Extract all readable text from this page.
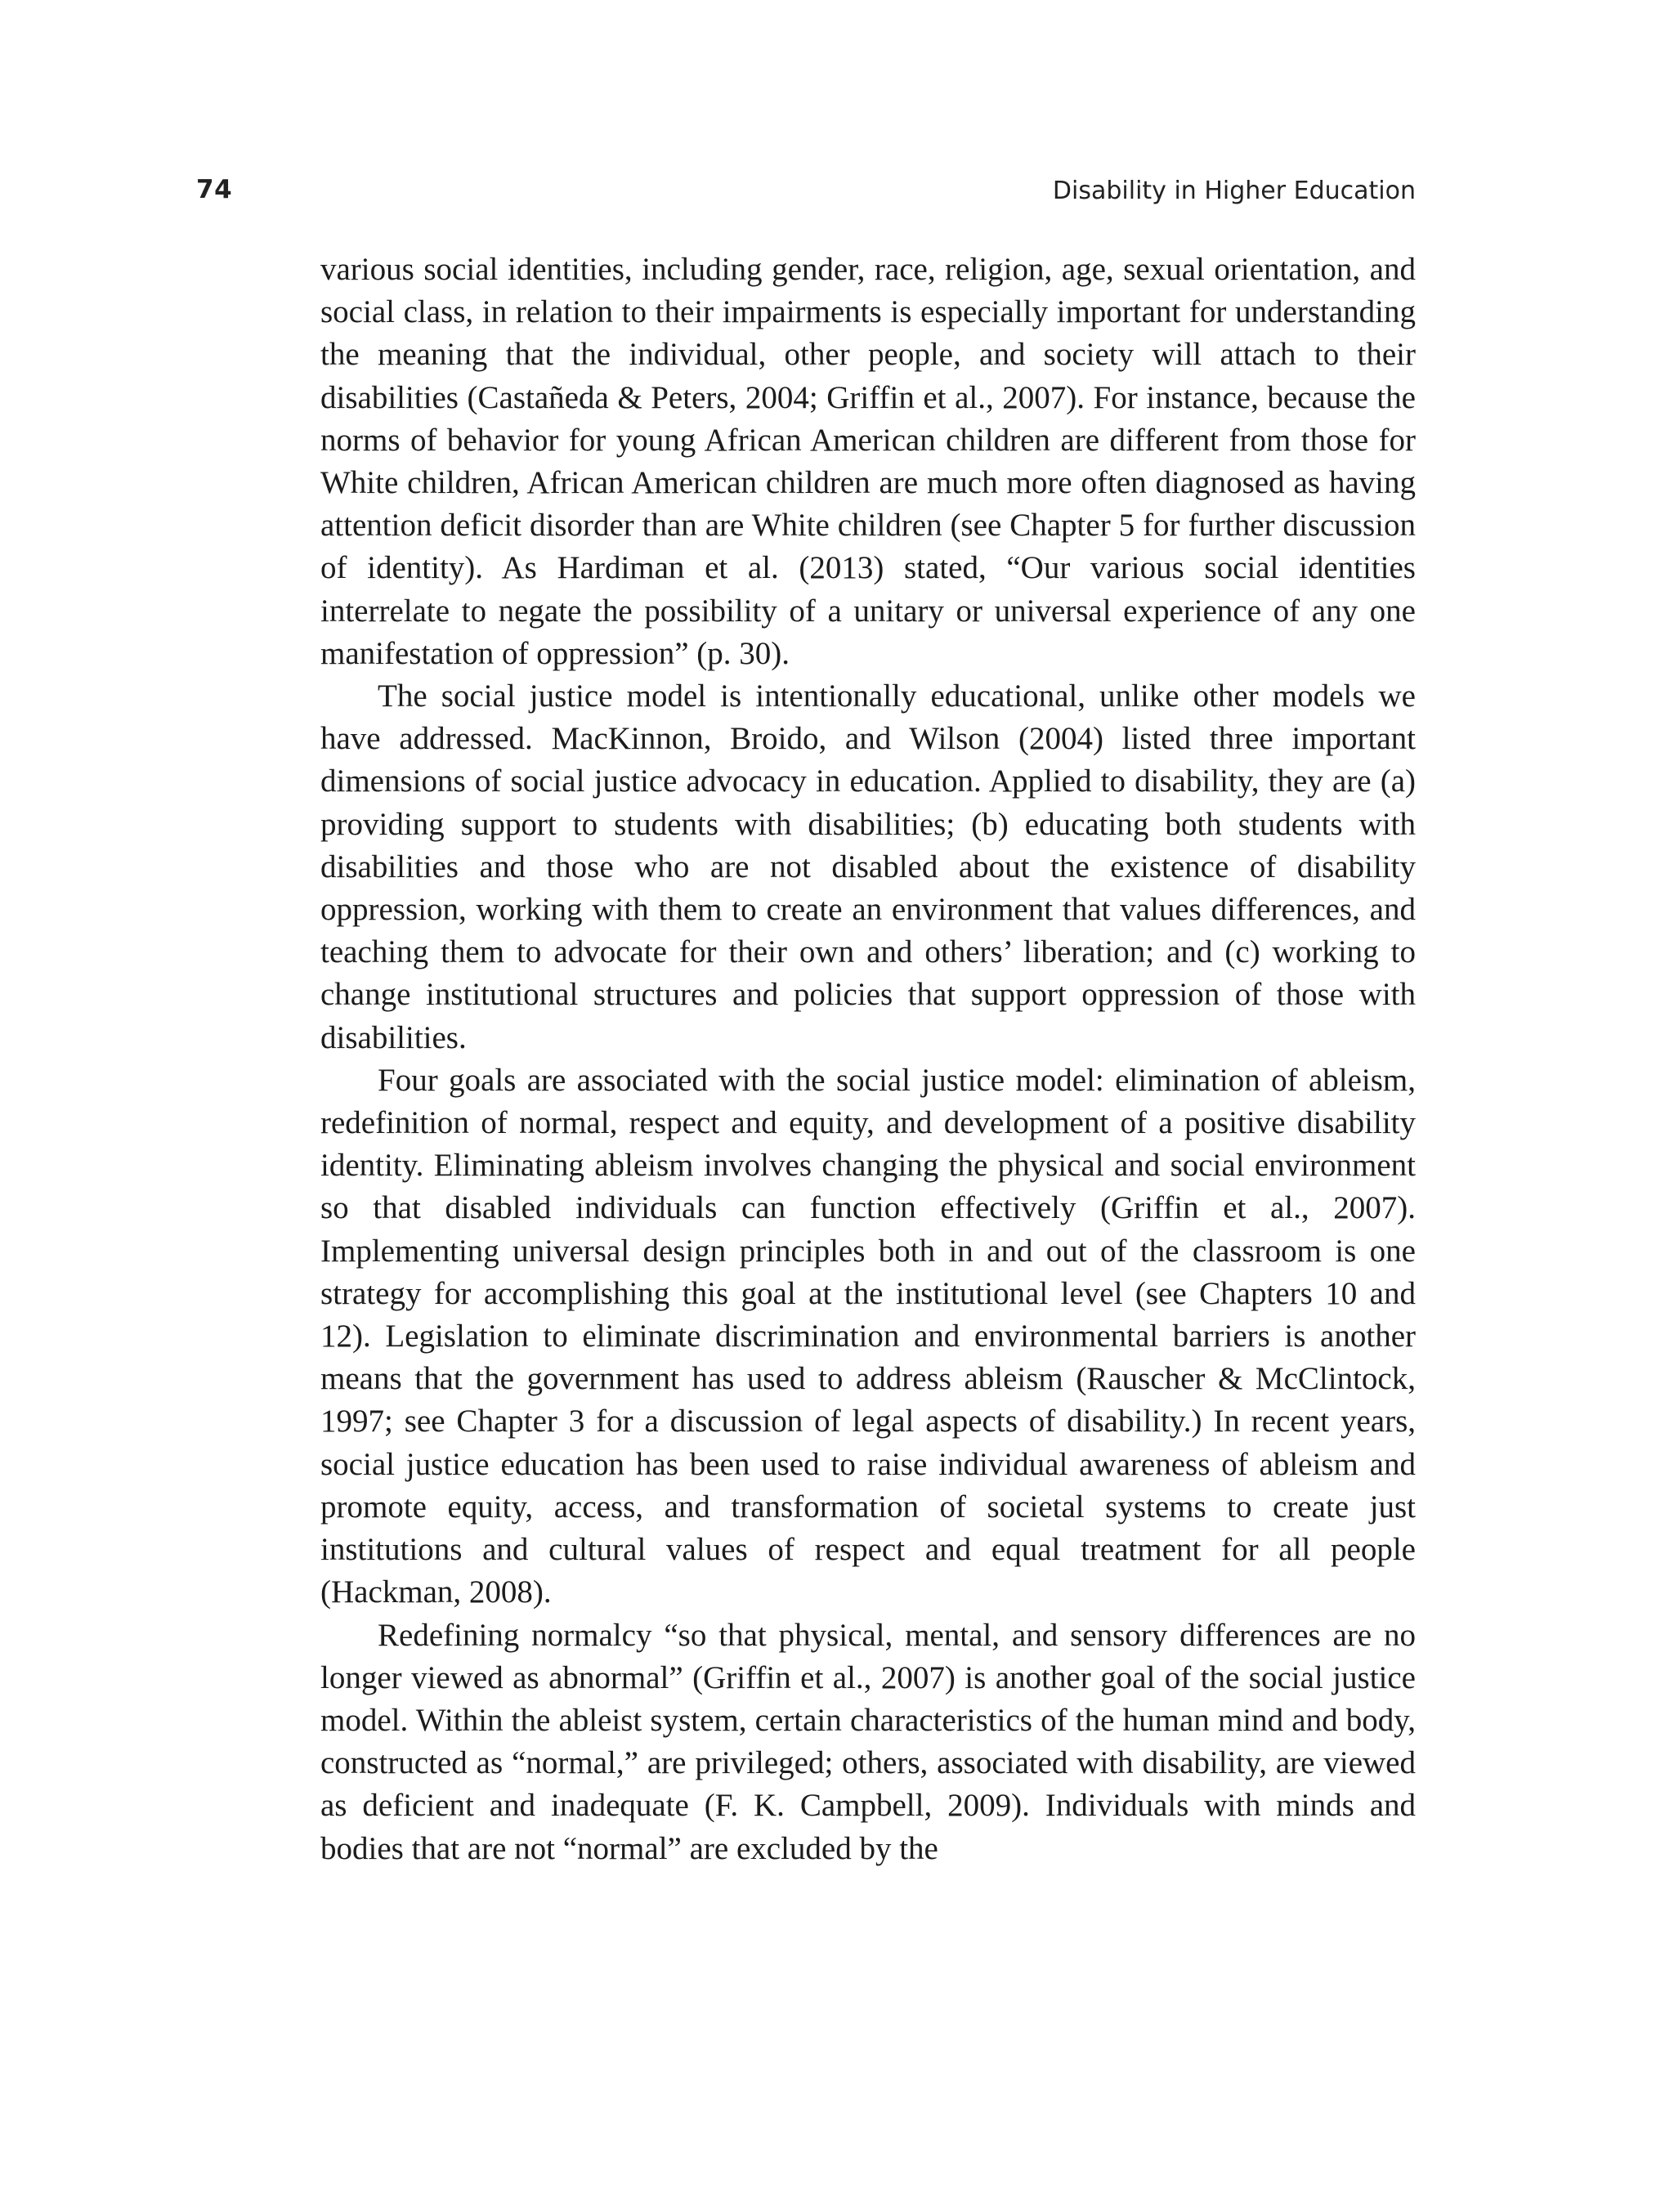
74	Disability in Higher Education

various social identities, including gender, race, religion, age, sexual orientation, and social class, in relation to their impairments is especially important for understanding the meaning that the individual, other people, and society will attach to their disabilities (Castañeda & Peters, 2004; Griffin et al., 2007). For instance, because the norms of behavior for young African American children are different from those for White children, African American children are much more often diagnosed as having attention deficit disorder than are White children (see Chapter 5 for further discussion of identity). As Hardiman et al. (2013) stated, “Our various social identities interrelate to negate the possibility of a unitary or universal experience of any one manifestation of oppression” (p. 30).

The social justice model is intentionally educational, unlike other models we have addressed. MacKinnon, Broido, and Wilson (2004) listed three important dimensions of social justice advocacy in education. Applied to disability, they are (a) providing support to students with disabilities; (b) educating both students with disabilities and those who are not disabled about the existence of disability oppression, working with them to create an environment that values differences, and teaching them to advocate for their own and others’ liberation; and (c) working to change institutional structures and policies that support oppression of those with disabilities.

Four goals are associated with the social justice model: elimination of ableism, redefinition of normal, respect and equity, and development of a positive disability identity. Eliminating ableism involves changing the physical and social environment so that disabled individuals can function effectively (Griffin et al., 2007). Implementing universal design principles both in and out of the classroom is one strategy for accomplishing this goal at the institutional level (see Chapters 10 and 12). Legislation to eliminate discrimination and environmental barriers is another means that the government has used to address ableism (Rauscher & McClintock, 1997; see Chapter 3 for a discussion of legal aspects of disability.) In recent years, social justice education has been used to raise individual awareness of ableism and promote equity, access, and transformation of societal systems to create just institutions and cultural values of respect and equal treatment for all people (Hackman, 2008).

Redefining normalcy “so that physical, mental, and sensory differences are no longer viewed as abnormal” (Griffin et al., 2007) is another goal of the social justice model. Within the ableist system, certain characteristics of the human mind and body, constructed as “normal,” are privileged; others, associated with disability, are viewed as deficient and inadequate (F. K. Campbell, 2009). Individuals with minds and bodies that are not “normal” are excluded by the
